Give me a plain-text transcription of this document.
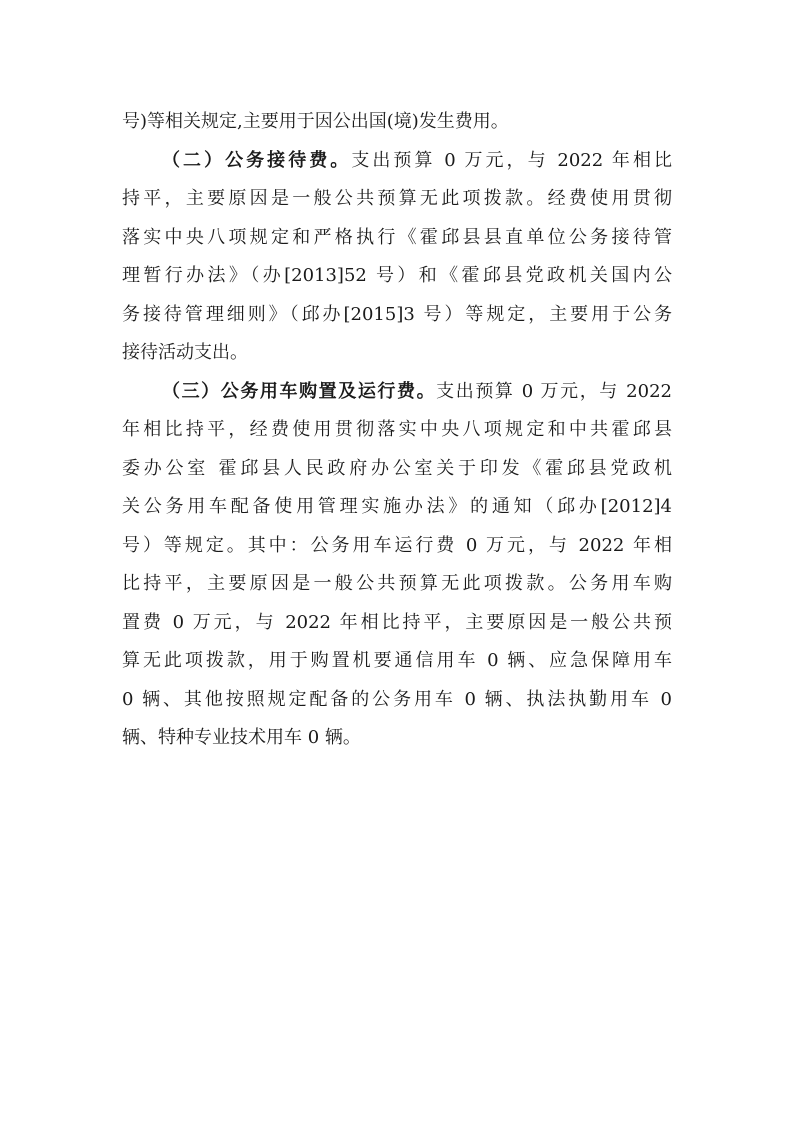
号)等相关规定,主要用于因公出国(境)发生费用。
（二）公务接待费。支出预算 0 万元，与 2022 年相比
持平，主要原因是一般公共预算无此项拨款。经费使用贯彻
落实中央八项规定和严格执行《霍邱县县直单位公务接待管
理暂行办法》（办[2013]52 号）和《霍邱县党政机关国内公
务接待管理细则》（邱办[2015]3 号）等规定，主要用于公务
接待活动支出。
（三）公务用车购置及运行费。支出预算 0 万元，与 2022
年相比持平，经费使用贯彻落实中央八项规定和中共霍邱县
委办公室 霍邱县人民政府办公室关于印发《霍邱县党政机
关公务用车配备使用管理实施办法》的通知（邱办[2012]4
号）等规定。其中：公务用车运行费 0 万元，与 2022 年相
比持平，主要原因是一般公共预算无此项拨款。公务用车购
置费 0 万元，与 2022 年相比持平，主要原因是一般公共预
算无此项拨款，用于购置机要通信用车 0 辆、应急保障用车
0 辆、其他按照规定配备的公务用车 0 辆、执法执勤用车 0
辆、特种专业技术用车 0 辆。
